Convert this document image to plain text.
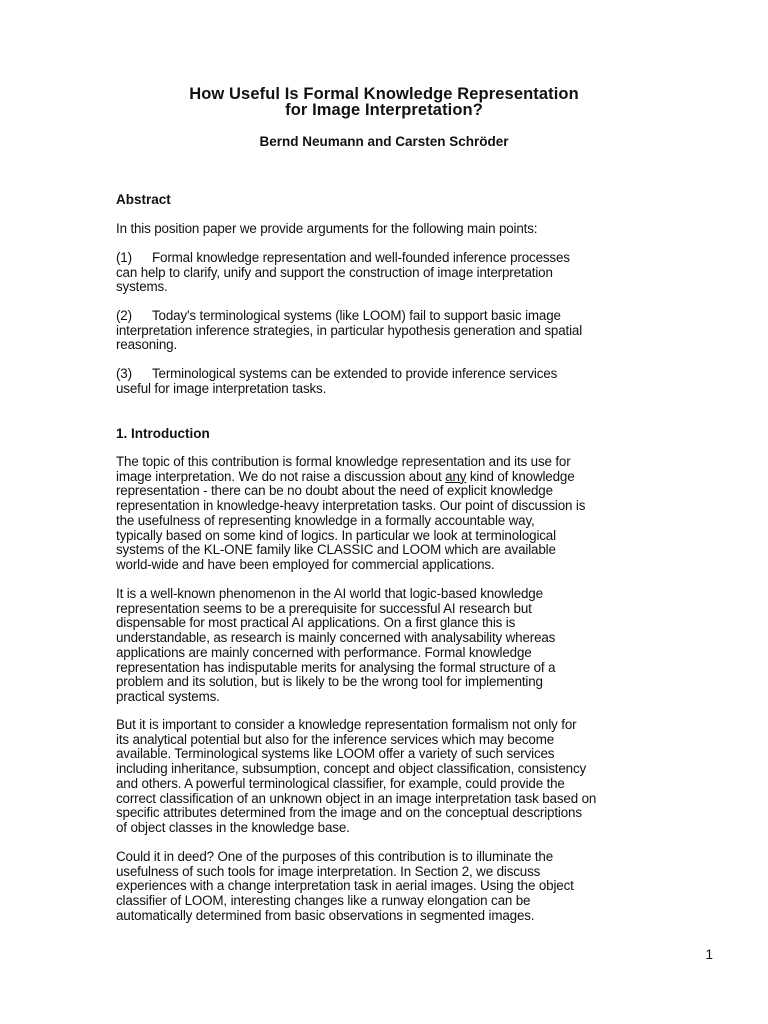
How Useful Is Formal Knowledge Representation
for Image Interpretation?
Bernd Neumann and Carsten Schröder
Abstract
In this position paper we provide arguments for the following main points:
(1) Formal knowledge representation and well-founded inference processes
can help to clarify, unify and support the construction of image interpretation
systems.
(2) Today's terminological systems (like LOOM) fail to support basic image
interpretation inference strategies, in particular hypothesis generation and spatial
reasoning.
(3) Terminological systems can be extended to provide inference services
useful for image interpretation tasks.
1. Introduction
The topic of this contribution is formal knowledge representation and its use for
image interpretation. We do not raise a discussion about any kind of knowledge
representation - there can be no doubt about the need of explicit knowledge
representation in knowledge-heavy interpretation tasks. Our point of discussion is
the usefulness of representing knowledge in a formally accountable way,
typically based on some kind of logics. In particular we look at terminological
systems of the KL-ONE family like CLASSIC and LOOM which are available
world-wide and have been employed for commercial applications.
It is a well-known phenomenon in the AI world that logic-based knowledge
representation seems to be a prerequisite for successful AI research but
dispensable for most practical AI applications. On a first glance this is
understandable, as research is mainly concerned with analysability whereas
applications are mainly concerned with performance. Formal knowledge
representation has indisputable merits for analysing the formal structure of a
problem and its solution, but is likely to be the wrong tool for implementing
practical systems.
But it is important to consider a knowledge representation formalism not only for
its analytical potential but also for the inference services which may become
available. Terminological systems like LOOM offer a variety of such services
including inheritance, subsumption, concept and object classification, consistency
and others. A powerful terminological classifier, for example, could provide the
correct classification of an unknown object in an image interpretation task based on
specific attributes determined from the image and on the conceptual descriptions
of object classes in the knowledge base.
Could it in deed? One of the purposes of this contribution is to illuminate the
usefulness of such tools for image interpretation. In Section 2, we discuss
experiences with a change interpretation task in aerial images. Using the object
classifier of LOOM, interesting changes like a runway elongation can be
automatically determined from basic observations in segmented images.
1
